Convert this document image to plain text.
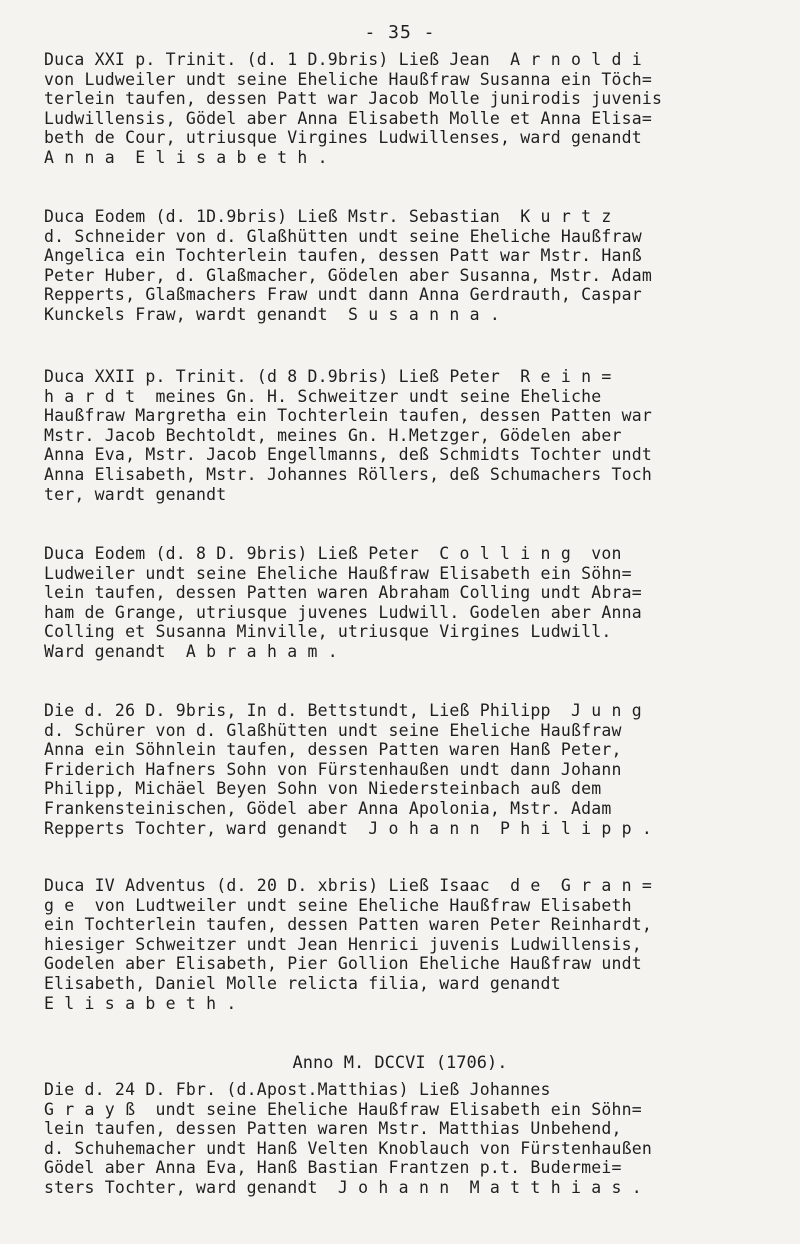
- 35 -
Duca XXI p. Trinit. (d. 1 D.9bris) Ließ Jean  A r n o l d i
von Ludweiler undt seine Eheliche Haußfraw Susanna ein Töch=
terlein taufen, dessen Patt war Jacob Molle junirodis juvenis
Ludwillensis, Gödel aber Anna Elisabeth Molle et Anna Elisa=
beth de Cour, utriusque Virgines Ludwillenses, ward genandt
A n n a  E l i s a b e t h .
Duca Eodem (d. 1D.9bris) Ließ Mstr. Sebastian  K u r t z
d. Schneider von d. Glaßhütten undt seine Eheliche Haußfraw
Angelica ein Tochterlein taufen, dessen Patt war Mstr. Hanß
Peter Huber, d. Glaßmacher, Gödelen aber Susanna, Mstr. Adam
Repperts, Glaßmachers Fraw undt dann Anna Gerdrauth, Caspar
Kunckels Fraw, wardt genandt  S u s a n n a .
Duca XXII p. Trinit. (d 8 D.9bris) Ließ Peter  R e i n =
h a r d t  meines Gn. H. Schweitzer undt seine Eheliche
Haußfraw Margretha ein Tochterlein taufen, dessen Patten war
Mstr. Jacob Bechtoldt, meines Gn. H.Metzger, Gödelen aber
Anna Eva, Mstr. Jacob Engellmanns, deß Schmidts Tochter undt
Anna Elisabeth, Mstr. Johannes Röllers, deß Schumachers Toch
ter, wardt genandt
Duca Eodem (d. 8 D. 9bris) Ließ Peter  C o l l i n g  von
Ludweiler undt seine Eheliche Haußfraw Elisabeth ein Söhn=
lein taufen, dessen Patten waren Abraham Colling undt Abra=
ham de Grange, utriusque juvenes Ludwill. Godelen aber Anna
Colling et Susanna Minville, utriusque Virgines Ludwill.
Ward genandt  A b r a h a m .
Die d. 26 D. 9bris, In d. Bettstundt, Ließ Philipp  J u n g
d. Schürer von d. Glaßhütten undt seine Eheliche Haußfraw
Anna ein Söhnlein taufen, dessen Patten waren Hanß Peter,
Friderich Hafners Sohn von Fürstenhaußen undt dann Johann
Philipp, Michäel Beyen Sohn von Niedersteinbach auß dem
Frankensteinischen, Gödel aber Anna Apolonia, Mstr. Adam
Repperts Tochter, ward genandt  J o h a n n  P h i l i p p .
Duca IV Adventus (d. 20 D. xbris) Ließ Isaac  d e  G r a n =
g e  von Ludtweiler undt seine Eheliche Haußfraw Elisabeth
ein Tochterlein taufen, dessen Patten waren Peter Reinhardt,
hiesiger Schweitzer undt Jean Henrici juvenis Ludwillensis,
Godelen aber Elisabeth, Pier Gollion Eheliche Haußfraw undt
Elisabeth, Daniel Molle relicta filia, ward genandt
E l i s a b e t h .
Anno M. DCCVI (1706).
Die d. 24 D. Fbr. (d.Apost.Matthias) Ließ Johannes
G r a y ß  undt seine Eheliche Haußfraw Elisabeth ein Söhn=
lein taufen, dessen Patten waren Mstr. Matthias Unbehend,
d. Schuhemacher undt Hanß Velten Knoblauch von Fürstenhaußen
Gödel aber Anna Eva, Hanß Bastian Frantzen p.t. Budermei=
sters Tochter, ward genandt  J o h a n n  M a t t h i a s .
